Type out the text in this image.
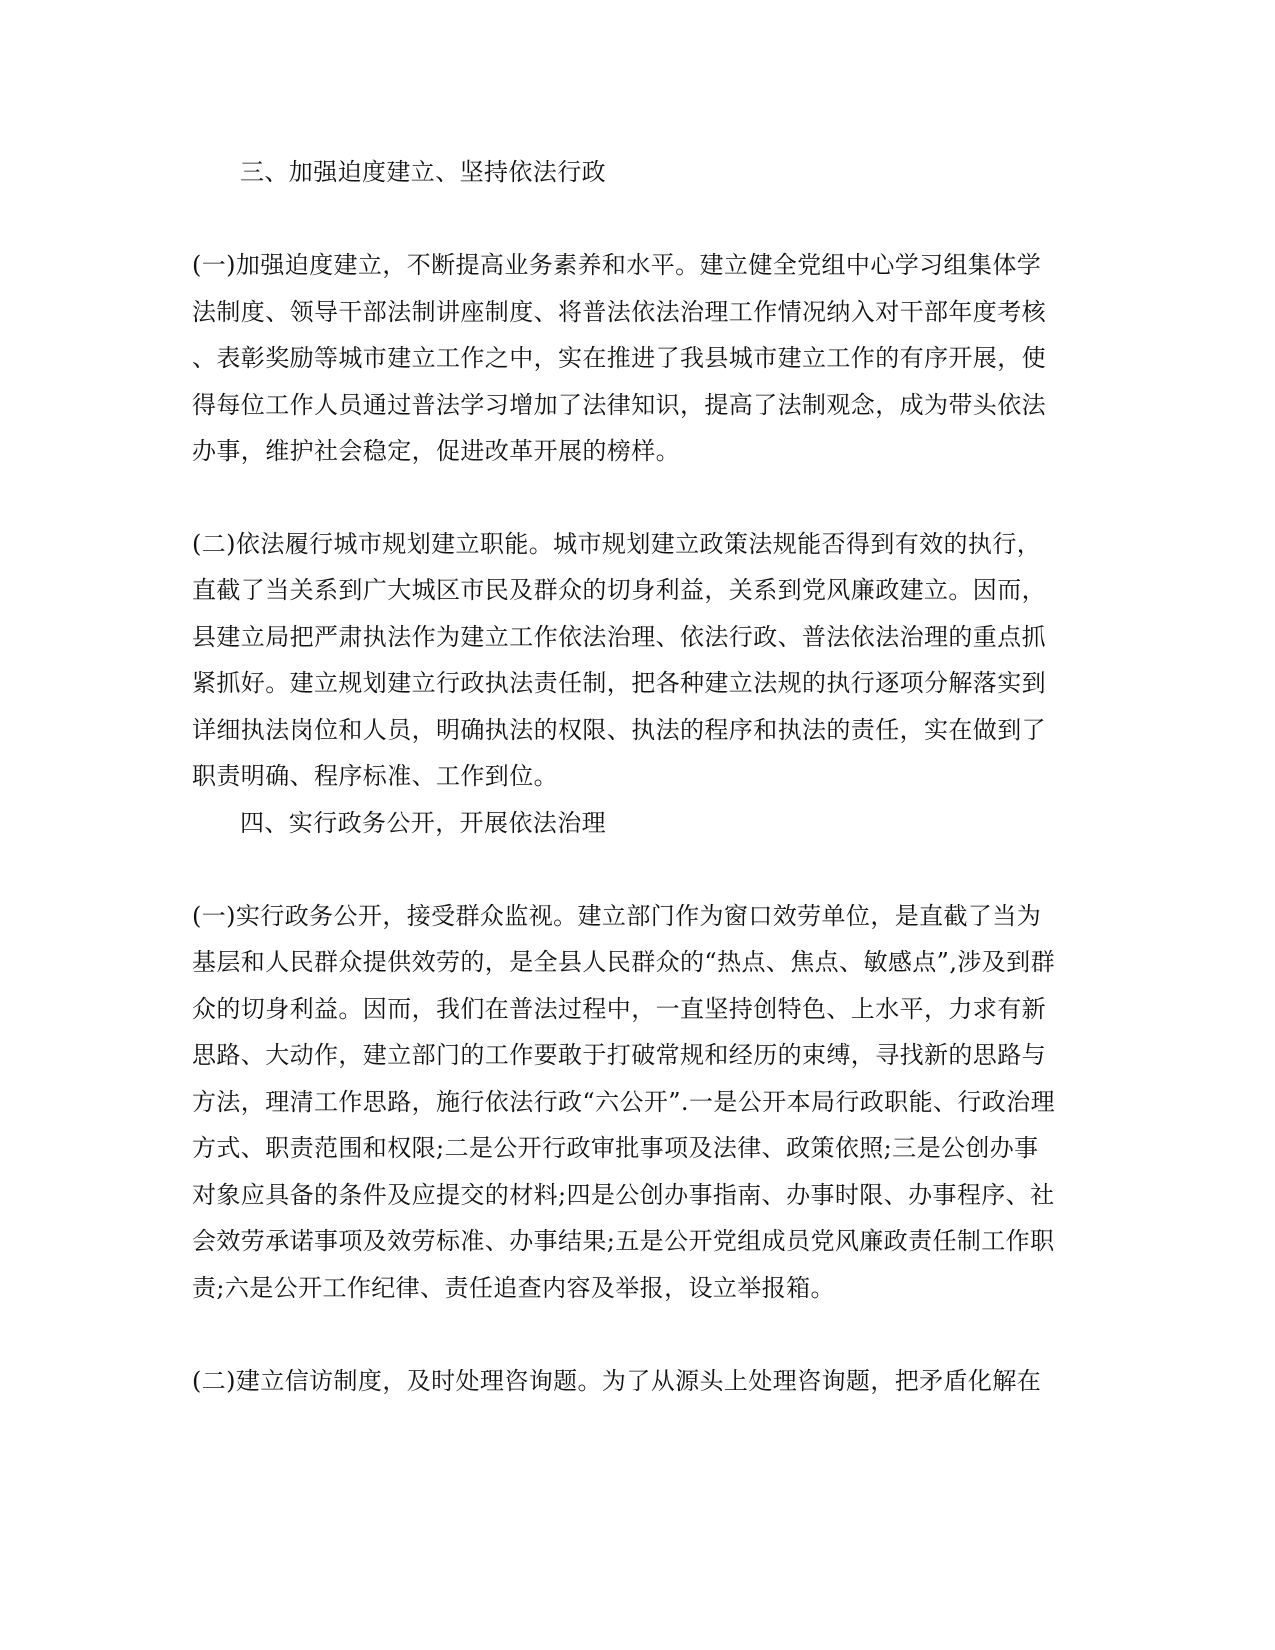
三、加强迫度建立、坚持依法行政
(一)加强迫度建立，不断提高业务素养和水平。建立健全党组中心学习组集体学
法制度、领导干部法制讲座制度、将普法依法治理工作情况纳入对干部年度考核
、表彰奖励等城市建立工作之中，实在推进了我县城市建立工作的有序开展，使
得每位工作人员通过普法学习增加了法律知识，提高了法制观念，成为带头依法
办事，维护社会稳定，促进改革开展的榜样。
(二)依法履行城市规划建立职能。城市规划建立政策法规能否得到有效的执行，
直截了当关系到广大城区市民及群众的切身利益，关系到党风廉政建立。因而，
县建立局把严肃执法作为建立工作依法治理、依法行政、普法依法治理的重点抓
紧抓好。建立规划建立行政执法责任制，把各种建立法规的执行逐项分解落实到
详细执法岗位和人员，明确执法的权限、执法的程序和执法的责任，实在做到了
职责明确、程序标准、工作到位。
四、实行政务公开，开展依法治理
(一)实行政务公开，接受群众监视。建立部门作为窗口效劳单位，是直截了当为
基层和人民群众提供效劳的，是全县人民群众的“热点、焦点、敏感点”,涉及到群
众的切身利益。因而，我们在普法过程中，一直坚持创特色、上水平，力求有新
思路、大动作，建立部门的工作要敢于打破常规和经历的束缚，寻找新的思路与
方法，理清工作思路，施行依法行政“六公开”.一是公开本局行政职能、行政治理
方式、职责范围和权限;二是公开行政审批事项及法律、政策依照;三是公创办事
对象应具备的条件及应提交的材料;四是公创办事指南、办事时限、办事程序、社
会效劳承诺事项及效劳标准、办事结果;五是公开党组成员党风廉政责任制工作职
责;六是公开工作纪律、责任追查内容及举报，设立举报箱。
(二)建立信访制度，及时处理咨询题。为了从源头上处理咨询题，把矛盾化解在
